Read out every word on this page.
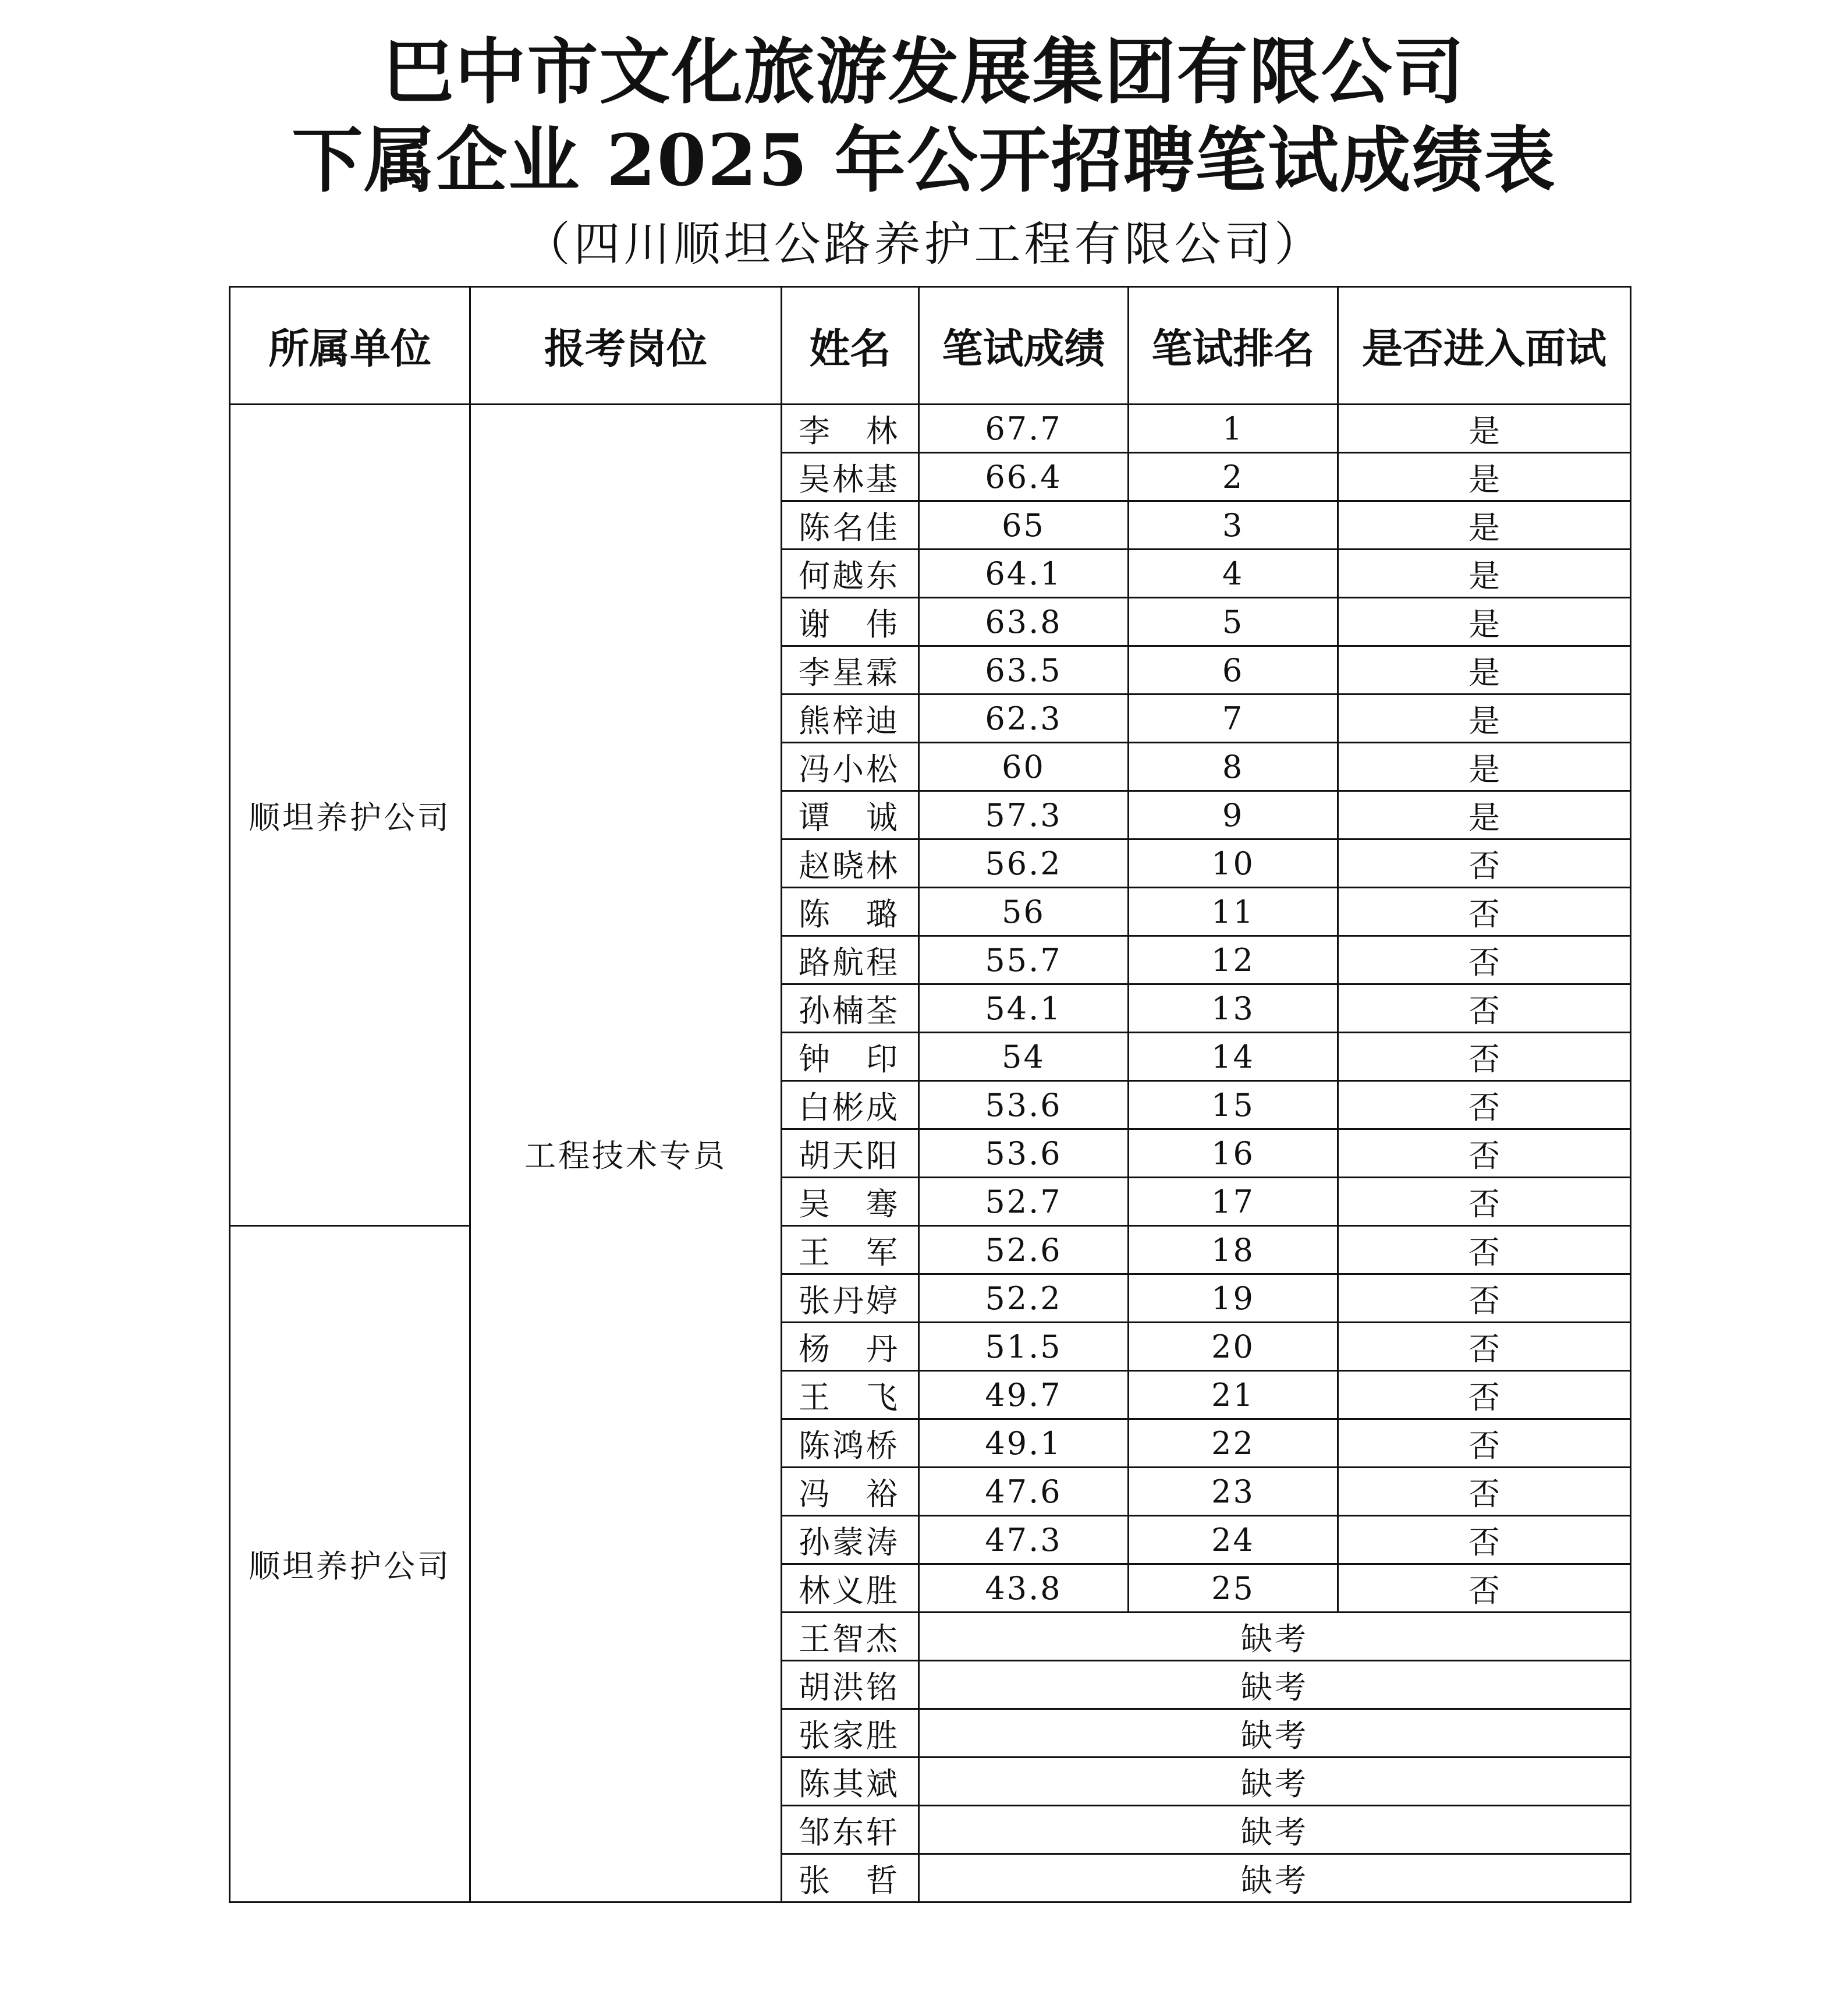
巴中市文化旅游发展集团有限公司
下属企业 2025 年公开招聘笔试成绩表
（四川顺坦公路养护工程有限公司）
所属单位	报考岗位	姓名	笔试成绩	笔试排名	是否进入面试
顺坦养护公司	工程技术专员	李　林	67.7	1	是
		吴林基	66.4	2	是
		陈名佳	65	3	是
		何越东	64.1	4	是
		谢　伟	63.8	5	是
		李星霖	63.5	6	是
		熊梓迪	62.3	7	是
		冯小松	60	8	是
		谭　诚	57.3	9	是
		赵晓林	56.2	10	否
		陈　璐	56	11	否
		路航程	55.7	12	否
		孙楠荃	54.1	13	否
		钟　印	54	14	否
		白彬成	53.6	15	否
		胡天阳	53.6	16	否
		吴　骞	52.7	17	否
顺坦养护公司		王　军	52.6	18	否
		张丹婷	52.2	19	否
		杨　丹	51.5	20	否
		王　飞	49.7	21	否
		陈鸿桥	49.1	22	否
		冯　裕	47.6	23	否
		孙蒙涛	47.3	24	否
		林义胜	43.8	25	否
		王智杰	缺考		
		胡洪铭	缺考		
		张家胜	缺考		
		陈其斌	缺考		
		邹东轩	缺考		
		张　哲	缺考		
